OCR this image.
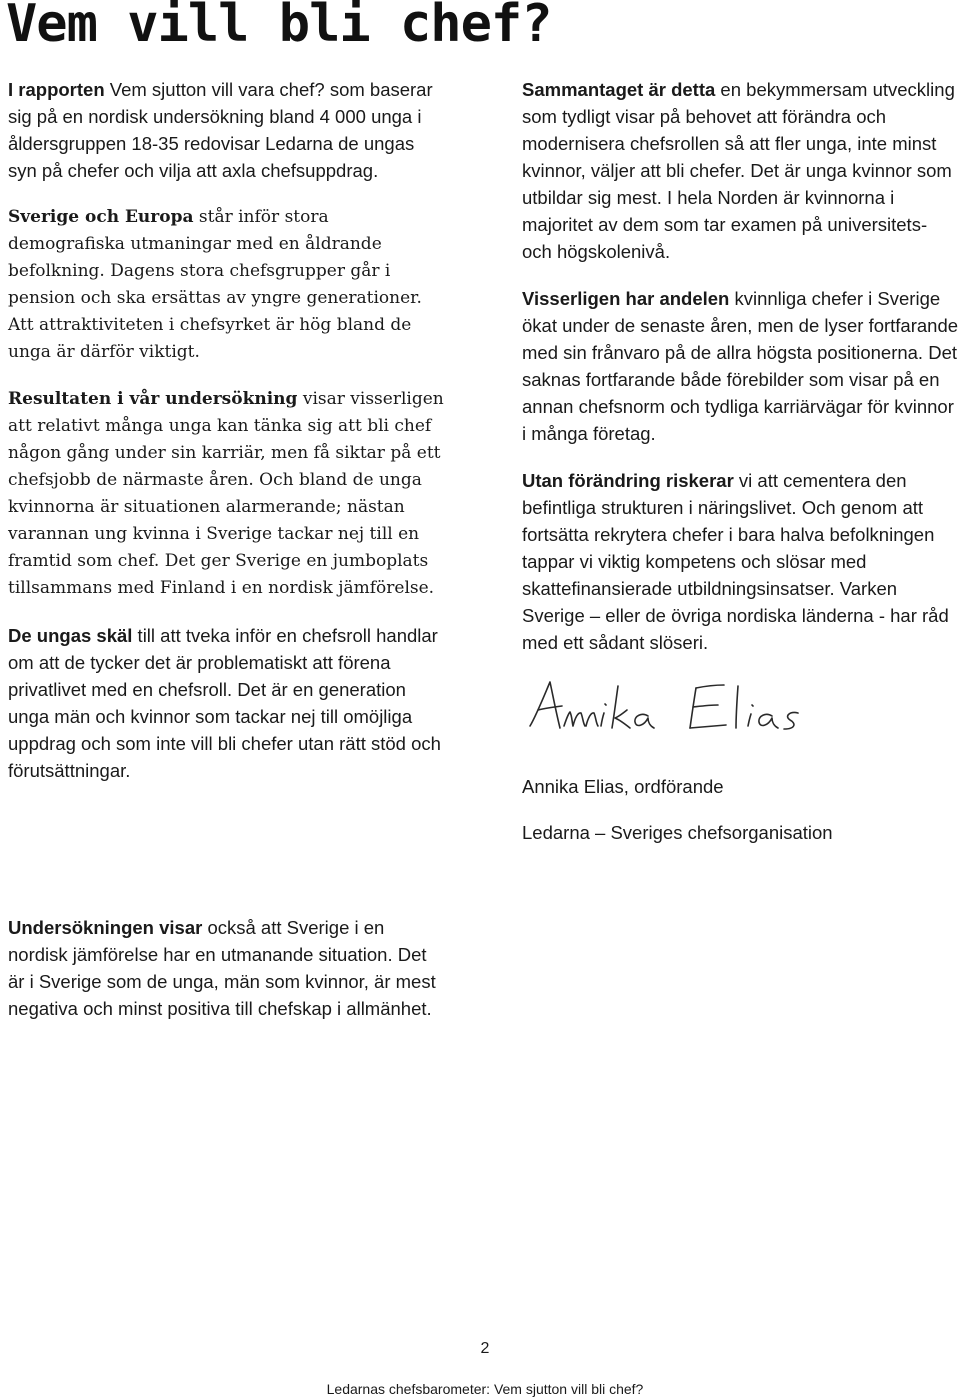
Vem vill bli chef?

I rapporten Vem sjutton vill vara chef? som baserar sig på en nordisk undersökning bland 4 000 unga i åldersgruppen 18-35 redovisar Ledarna de ungas syn på chefer och vilja att axla chefsuppdrag.

Sverige och Europa står inför stora demografiska utmaningar med en åldrande befolkning. Dagens stora chefsgrupper går i pension och ska ersättas av yngre generationer. Att attraktiviteten i chefsyrket är hög bland de unga är därför viktigt.

Resultaten i vår undersökning visar visserligen att relativt många unga kan tänka sig att bli chef någon gång under sin karriär, men få siktar på ett chefsjobb de närmaste åren. Och bland de unga kvinnorna är situationen alarmerande; nästan varannan ung kvinna i Sverige tackar nej till en framtid som chef. Det ger Sverige en jumboplats tillsammans med Finland i en nordisk jämförelse.

De ungas skäl till att tveka inför en chefsroll handlar om att de tycker det är problematiskt att förena privatlivet med en chefsroll. Det är en generation unga män och kvinnor som tackar nej till omöjliga uppdrag och som inte vill bli chefer utan rätt stöd och förutsättningar.

Undersökningen visar också att Sverige i en nordisk jämförelse har en utmanande situation. Det är i Sverige som de unga, män som kvinnor, är mest negativa och minst positiva till chefskap i allmänhet.

Sammantaget är detta en bekymmersam utveckling som tydligt visar på behovet att förändra och modernisera chefsrollen så att fler unga, inte minst kvinnor, väljer att bli chefer. Det är unga kvinnor som utbildar sig mest. I hela Norden är kvinnorna i majoritet av dem som tar examen på universitets- och högskolenivå.

Visserligen har andelen kvinnliga chefer i Sverige ökat under de senaste åren, men de lyser fortfarande med sin frånvaro på de allra högsta positionerna. Det saknas fortfarande både förebilder som visar på en annan chefsnorm och tydliga karriärvägar för kvinnor i många företag.

Utan förändring riskerar vi att cementera den befintliga strukturen i näringslivet. Och genom att fortsätta rekrytera chefer i bara halva befolkningen tappar vi viktig kompetens och slösar med skattefinansierade utbildningsinsatser. Varken Sverige – eller de övriga nordiska länderna - har råd med ett sådant slöseri.

Annika Elias, ordförande

Ledarna – Sveriges chefsorganisation

2
Ledarnas chefsbarometer: Vem sjutton vill bli chef?
